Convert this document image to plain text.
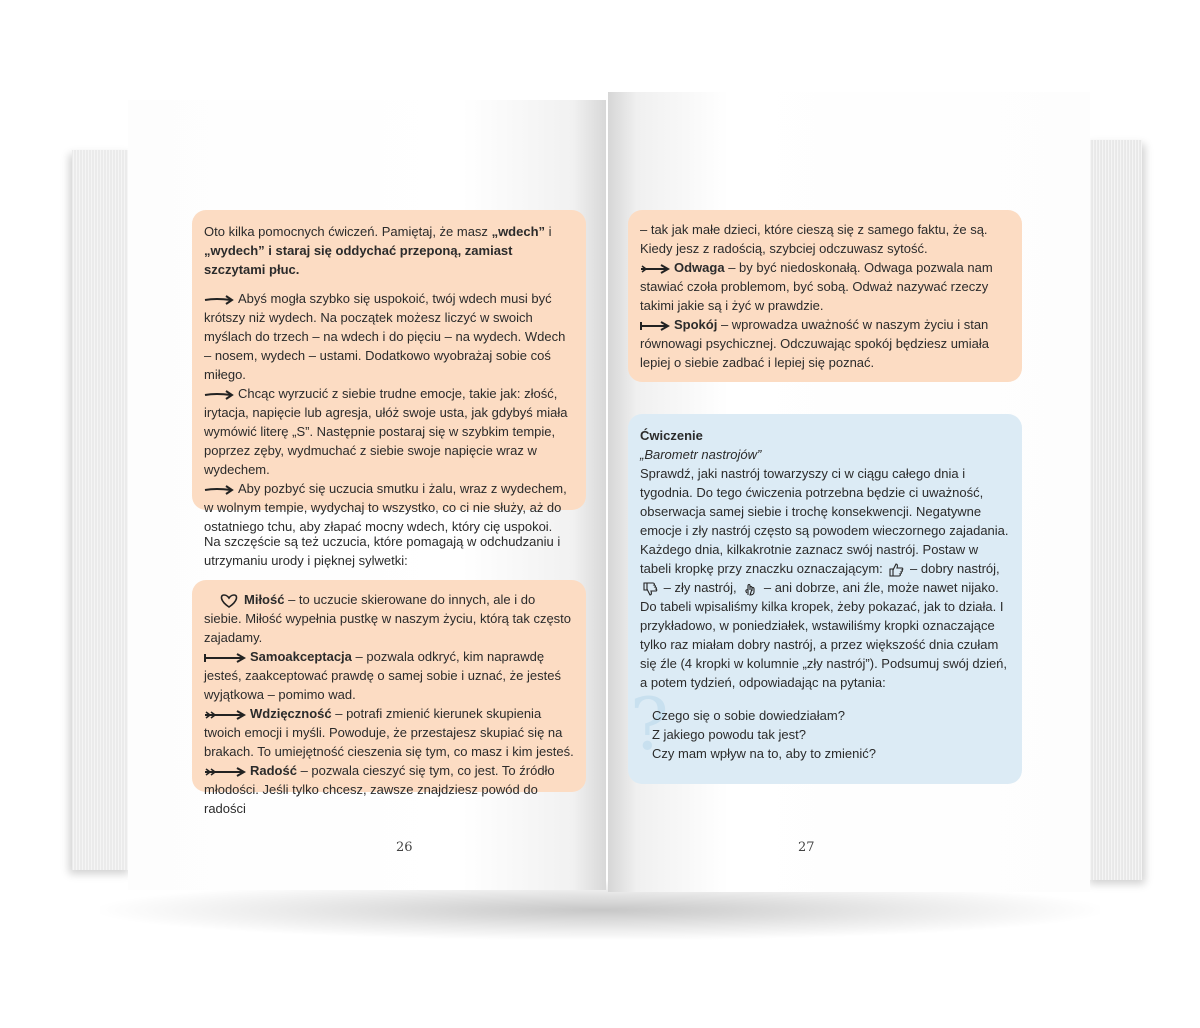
Oto kilka pomocnych ćwiczeń. Pamiętaj, że masz „wdech” i „wydech” i staraj się oddychać przeponą, zamiast szczytami płuc.

Abyś mogła szybko się uspokoić, twój wdech musi być krótszy niż wydech. Na początek możesz liczyć w swoich myślach do trzech – na wdech i do pięciu – na wydech. Wdech – nosem, wydech – ustami. Dodatkowo wyobrażaj sobie coś miłego.

Chcąc wyrzucić z siebie trudne emocje, takie jak: złość, irytacja, napięcie lub agresja, ułóż swoje usta, jak gdybyś miała wymówić literę „S”. Następnie postaraj się w szybkim tempie, poprzez zęby, wydmuchać z siebie swoje napięcie wraz w wydechem.

Aby pozbyć się uczucia smutku i żalu, wraz z wydechem, w wolnym tempie, wydychaj to wszystko, co ci nie służy, aż do ostatniego tchu, aby złapać mocny wdech, który cię uspokoi.

Na szczęście są też uczucia, które pomagają w odchudzaniu i utrzymaniu urody i pięknej sylwetki:

Miłość – to uczucie skierowane do innych, ale i do siebie. Miłość wypełnia pustkę w naszym życiu, którą tak często zajadamy.

Samoakceptacja – pozwala odkryć, kim naprawdę jesteś, zaakceptować prawdę o samej sobie i uznać, że jesteś wyjątkowa – pomimo wad.

Wdzięczność – potrafi zmienić kierunek skupienia twoich emocji i myśli. Powoduje, że przestajesz skupiać się na brakach. To umiejętność cieszenia się tym, co masz i kim jesteś.

Radość – pozwala cieszyć się tym, co jest. To źródło młodości. Jeśli tylko chcesz, zawsze znajdziesz powód do radości

26

– tak jak małe dzieci, które cieszą się z samego faktu, że są. Kiedy jesz z radością, szybciej odczuwasz sytość.

Odwaga – by być niedoskonałą. Odwaga pozwala nam stawiać czoła problemom, być sobą. Odważ nazywać rzeczy takimi jakie są i żyć w prawdzie.

Spokój – wprowadza uważność w naszym życiu i stan równowagi psychicznej. Odczuwając spokój będziesz umiała lepiej o siebie zadbać i lepiej się poznać.

?

Ćwiczenie

„Barometr nastrojów”

Sprawdź, jaki nastrój towarzyszy ci w ciągu całego dnia i tygodnia. Do tego ćwiczenia potrzebna będzie ci uważność, obserwacja samej siebie i trochę konsekwencji. Negatywne emocje i zły nastrój często są powodem wieczornego zajadania.

Każdego dnia, kilkakrotnie zaznacz swój nastrój. Postaw w tabeli kropkę przy znaczku oznaczającym: – dobry nastrój,  – zły nastrój, – ani dobrze, ani źle, może nawet nijako. Do tabeli wpisaliśmy kilka kropek, żeby pokazać, jak to działa. I przykładowo, w poniedziałek, wstawiliśmy kropki oznaczające tylko raz miałam dobry nastrój, a przez większość dnia czułam się źle (4 kropki w kolumnie „zły nastrój”). Podsumuj swój dzień, a potem tydzień, odpowiadając na pytania:

Czego się o sobie dowiedziałam?

Z jakiego powodu tak jest?

Czy mam wpływ na to, aby to zmienić?

27
